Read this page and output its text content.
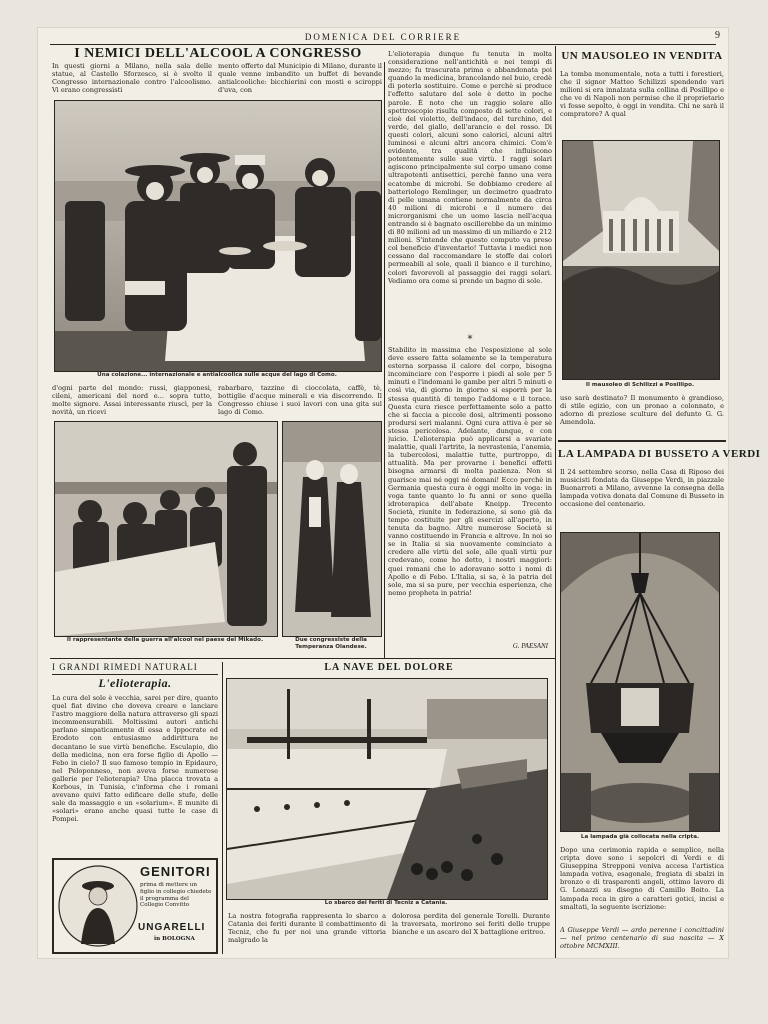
DOMENICA DEL CORRIERE	9
I NEMICI DELL'ALCOOL A CONGRESSO
In questi giorni a Milano, nella sala delle statue, al Castello Sforzesco, si è svolto il Congresso internazionale contro l'alcoolismo. Vi erano congressisti
mento offerto dal Municipio di Milano, durante il quale venne imbandito un buffet di bevande antialcooliche: bicchierini con mosti e sciroppi d'uva, con
Una colazione... internazionale e antialcoolica sulle acque del lago di Como.
d'ogni parte del mondo: russi, giapponesi, cileni, americani del nord e... sopra tutto, molte signore. Assai interessante riuscì, per la novità, un ricevi
rabarbaro, tazzine di cioccolata, caffè, tè, bottiglie d'acque minerali e via discorrendo. Il Congresso chiuse i suoi lavori con una gita sul lago di Como.
Il rappresentante della guerra all'alcool nel paese del Mikado.	Due congressiste della Temperanza Olandese.
L'elioterapia dunque fu tenuta in molta considerazione nell'antichità e nei tempi di mezzo; fu trascurata prima e abbandonata poi quando la medicina, brancolando nel buio, credè di poterla sostituire. Come e perchè si produce l'effetto salutare del sole è detto in poche parole. È noto che un raggio solare allo spettroscopio risulta composto di sette colori, e cioè del violetto, dell'indaco, del turchino, del verde, del giallo, dell'arancio e del rosso. Di questi colori, alcuni sono caloricí, alcuni altri luminosi e alcuni altri ancora chimici. Com'è evidente, tra qualità che influiscono potentemente sulle sue virtù. I raggi solari agiscono principalmente sul corpo umano come ultrapotenti antisettici, perchè fanno una vera ecatombe di microbi. Se dobbiamo credere al batteriologo Remlinger, un decimetro quadrato di pelle umana contiene normalmente da circa 40 milioni di microbi e il numero dei microrganismi che un uomo lascia nell'acqua entrando si è bagnato oscillerebbe da un minimo di 80 milioni ad un massimo di un miliardo e 212 milioni. S'intende che questo computo va preso col beneficio d'inventario! Tuttavia i medici non cessano dal raccomandare le stoffe dai colori permeabili al sole, quali il bianco e il turchino, colori favorevoli al passaggio dei raggi solari. Vediamo ora come si prende un bagno di sole.
*
Stabilito in massima che l'esposizione al sole deve essere fatta solamente se la temperatura esterna sorpassa il calore del corpo, bisogna incominciare con l'esporre i piedi al sole per 5 minuti e l'indomani le gambe per altri 5 minuti e così via, di giorno in giorno si esporrà per la stessa quantità di tempo l'addome e il torace. Questa cura riesce perfettamente solo a patto che si faccia a piccole dosi, altrimenti possono prodursi seri malanni. Ogni cura attiva è per sè stessa pericolosa. Adelante, dunque, e con juicio. L'elioterapia può applicarsi a svariate malattie, quali l'artrite, la nevrastenia, l'anemia, la tubercolosi, malattie tutte, purtroppo, di attualità. Ma per provarne i benefici effetti bisogna armarsi di molta pazienza. Non si guarisce mai né oggi né domani! Ecco perchè in Germania questa cura è oggi molto in voga: in voga tante quanto lo fu anni or sono quella idroterapica dell'abate Kneipp. Trecento Società, riunite in federazione, si sono già da tempo costituite per gli esercizi all'aperto, in tenuta da bagno. Altre numerose Società si vanno costituendo in Francia e altrove. In noi so se in Italia si sia nuovamente cominciato a credere alle virtù del sole, alle quali virtù pur credevano, come ho detto, i nostri maggiori: quei romani che lo adoravano sotto i nomi di Apollo e di Febo. L'Italia, si sa, è la patria del sole, ma si sa pure, per vecchia esperienza, che nemo propheta in patria!
G. PAESANI
UN MAUSOLEO IN VENDITA
La tomba monumentale, nota a tutti i forestieri, che il signor Matteo Schilizzi spendendo vari milioni si era innalzata sulla collina di Posillipo e che ve di Napoli non permise che il proprietario vi fosse sepolto, è oggi in vendita. Chi ne sarà il compratore? A qual
Il mausoleo di Schilizzi a Posillipo.
uso sarà destinato? Il monumento è grandioso, di stile egizio, con un pronao a colonnato, e adorno di preziose sculture del defunto G. G. Amendola.
LA LAMPADA DI BUSSETO A VERDI
Il 24 settembre scorso, nella Casa di Riposo dei musicisti fondata da Giuseppe Verdi, in piazzale Buonarroti a Milano, avvenne la consegna della lampada votiva donata dal Comune di Busseto in occasione del centenario.
La lampada già collocata nella cripta.
Dopo una cerimonia rapida e semplice, nella cripta dove sono i sepolcri di Verdi e di Giuseppina Strepponi veniva accesa l'artistica lampada votiva, esagonale, fregiata di sbalzi in bronzo e di trasparenti angeli, ottimo lavoro di G. Lonazzi su disegno di Camillo Boito. La lampada reca in giro a caratteri gotici, incisi e smaltati, la seguente iscrizione:
A Giuseppe Verdi — ardo perenne i concittadini — nel primo centenario di sua nascita — X ottobre MCMXIII.
I GRANDI RIMEDI NATURALI
L'elioterapia.
La cura del sole è vecchia, sarei per dire, quanto quel fiat divino che doveva creare e lanciare l'astro maggiore della natura attraverso gli spazi incommensurabili. Moltissimi autori antichi parlano simpaticamente di essa e Ippocrate ed Erodoto con entusiasmo addirittura ne decantano le sue virtù benefiche. Esculapio, dio della medicina, non era forse figlio di Apollo — Febo in cielo? Il suo famoso tempio in Epidauro, nel Peloponneso, non aveva forse numerose gallerie per l'elioterapia? Una placca trovata a Korbous, in Tunisia, c'informa che i romani avevano quivi fatto edificare delle stufe, delle sale da massaggio e un «solarium». E munite di «solari» erano anche quasi tutte le case di Pompei.
GENITORI
prima di mettere un figlio in collegio chiedete il programma del Collegio Convitto
UNGARELLI
in BOLOGNA
LA NAVE DEL DOLORE
Lo sbarco dei feriti di Tecniz a Catania.
La nostra fotografia rappresenta lo sbarco a Catania dei feriti durante il combattimento di Tecniz, che fu per noi una grande vittoria malgrado la
dolorosa perdita del generale Torelli. Durante la traversata, morirono sei feriti delle truppe bianche e un ascaro del X battaglione eritreo.
